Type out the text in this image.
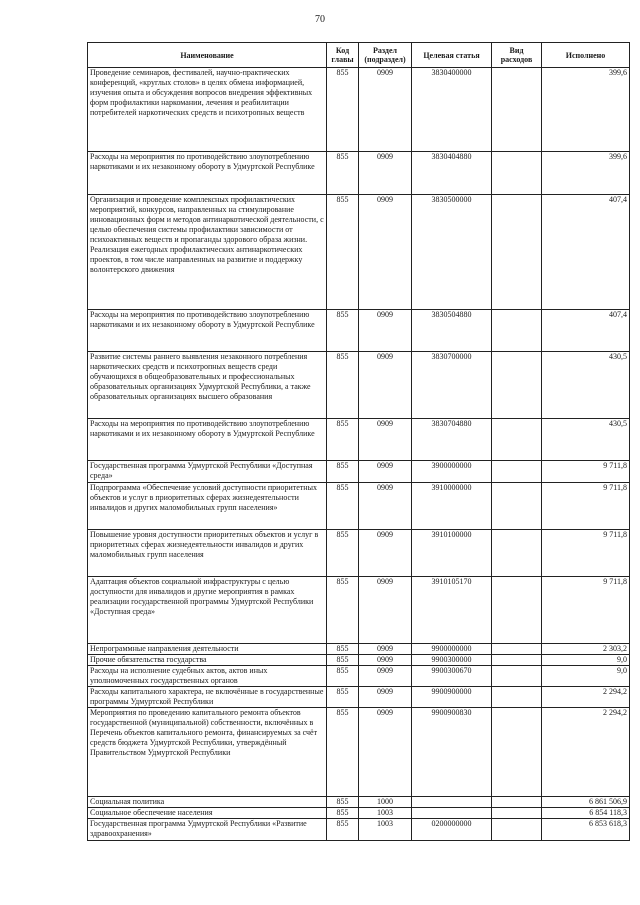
70
Наименование	Код главы	Раздел (подраздел)	Целевая статья	Вид расходов	Исполнено
Проведение семинаров, фестивалей, научно-практических конференций, «круглых столов» в целях обмена информацией, изучения опыта и обсуждения вопросов внедрения эффективных форм профилактики наркомании, лечения и реабилитации потребителей наркотических средств и психотропных веществ	855	0909	3830400000		399,6
Расходы на мероприятия по противодействию злоупотреблению наркотиками и их незаконному обороту в Удмуртской Республике	855	0909	3830404880		399,6
Организация и проведение комплексных профилактических мероприятий, конкурсов, направленных на стимулирование инновационных форм и методов антинаркотической деятельности, с целью обеспечения системы профилактики зависимости от психоактивных веществ и пропаганды здорового образа жизни. Реализация ежегодных профилактических антинаркотических проектов, в том числе направленных на развитие и поддержку волонтерского движения	855	0909	3830500000		407,4
Расходы на мероприятия по противодействию злоупотреблению наркотиками и их незаконному обороту в Удмуртской Республике	855	0909	3830504880		407,4
Развитие системы раннего выявления незаконного потребления наркотических средств и психотропных веществ среди обучающихся в общеобразовательных и профессиональных образовательных организациях Удмуртской Республики, а также образовательных организациях высшего образования	855	0909	3830700000		430,5
Расходы на мероприятия по противодействию злоупотреблению наркотиками и их незаконному обороту в Удмуртской Республике	855	0909	3830704880		430,5
Государственная программа Удмуртской Республики «Доступная среда»	855	0909	3900000000		9 711,8
Подпрограмма «Обеспечение условий доступности приоритетных объектов и услуг в приоритетных сферах жизнедеятельности инвалидов и других маломобильных групп населения»	855	0909	3910000000		9 711,8
Повышение уровня доступности приоритетных объектов и услуг в приоритетных сферах жизнедеятельности инвалидов и других маломобильных групп населения	855	0909	3910100000		9 711,8
Адаптация объектов социальной инфраструктуры с целью доступности для инвалидов и другие мероприятия в рамках реализации государственной программы Удмуртской Республики «Доступная среда»	855	0909	3910105170		9 711,8
Непрограммные направления деятельности	855	0909	9900000000		2 303,2
Прочие обязательства государства	855	0909	9900300000		9,0
Расходы на исполнение судебных актов, актов иных уполномоченных государственных органов	855	0909	9900300670		9,0
Расходы капитального характера, не включённые в государственные программы Удмуртской Республики	855	0909	9900900000		2 294,2
Мероприятия по проведению капитального ремонта объектов государственной (муниципальной) собственности, включённых в Перечень объектов капитального ремонта, финансируемых за счёт средств бюджета Удмуртской Республики, утверждённый Правительством Удмуртской Республики	855	0909	9900900830		2 294,2
Социальная политика	855	1000			6 861 506,9
Социальное обеспечение населения	855	1003			6 854 118,3
Государственная программа Удмуртской Республики «Развитие здравоохранения»	855	1003	0200000000		6 853 618,3
